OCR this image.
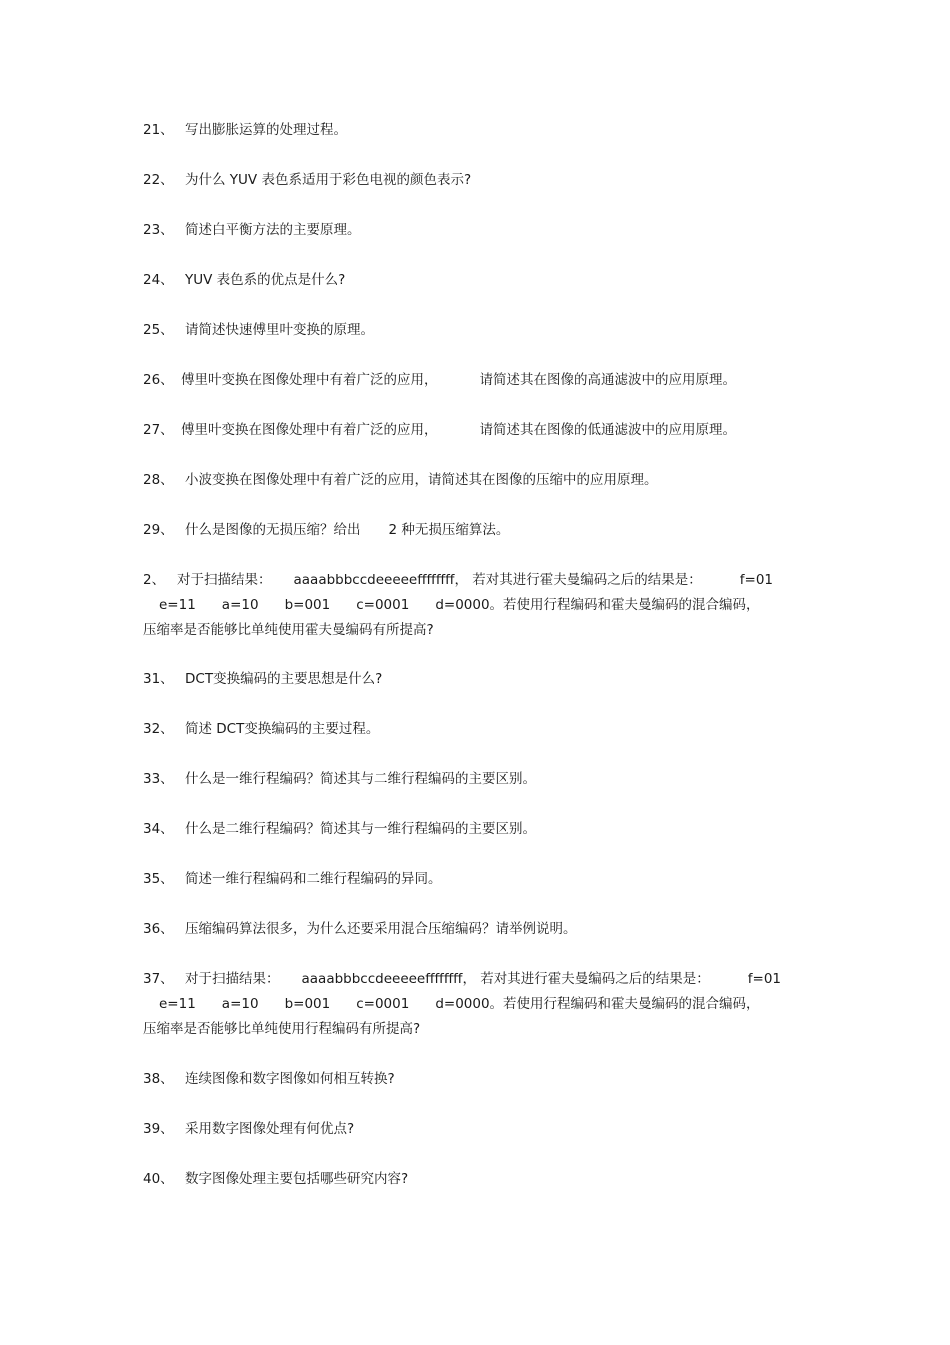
21、 写出膨胀运算的处理过程。
22、 为什么 YUV 表色系适用于彩色电视的颜色表示?
23、 简述白平衡方法的主要原理。
24、 YUV 表色系的优点是什么?
25、 请简述快速傅里叶变换的原理。
26、 傅里叶变换在图像处理中有着广泛的应用，	请简述其在图像的高通滤波中的应用原理。
27、 傅里叶变换在图像处理中有着广泛的应用，	请简述其在图像的低通滤波中的应用原理。
28、 小波变换在图像处理中有着广泛的应用，请简述其在图像的压缩中的应用原理。
29、 什么是图像的无损压缩？给出 2 种无损压缩算法。
2、 对于扫描结果： aaaabbbccdeeeeeffffffff， 若对其进行霍夫曼编码之后的结果是：	f=01
e=11 a=10 b=001 c=0001 d=0000。若使用行程编码和霍夫曼编码的混合编码，
压缩率是否能够比单纯使用霍夫曼编码有所提高?
31、 DCT变换编码的主要思想是什么?
32、 简述 DCT变换编码的主要过程。
33、 什么是一维行程编码？简述其与二维行程编码的主要区别。
34、 什么是二维行程编码？简述其与一维行程编码的主要区别。
35、 简述一维行程编码和二维行程编码的异同。
36、 压缩编码算法很多，为什么还要采用混合压缩编码？请举例说明。
37、 对于扫描结果： aaaabbbccdeeeeeffffffff， 若对其进行霍夫曼编码之后的结果是：	f=01
e=11 a=10 b=001 c=0001 d=0000。若使用行程编码和霍夫曼编码的混合编码，
压缩率是否能够比单纯使用行程编码有所提高?
38、 连续图像和数字图像如何相互转换?
39、 采用数字图像处理有何优点?
40、 数字图像处理主要包括哪些研究内容?
